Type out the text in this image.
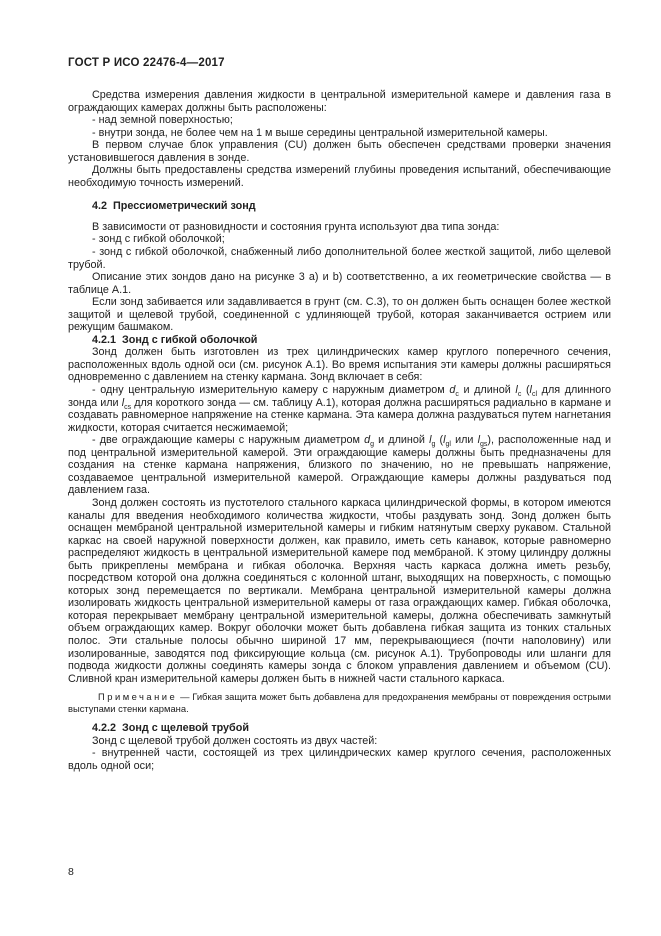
ГОСТ Р ИСО 22476-4—2017
Средства измерения давления жидкости в центральной измерительной камере и давления газа в ограждающих камерах должны быть расположены:
- над земной поверхностью;
- внутри зонда, не более чем на 1 м выше середины центральной измерительной камеры.
В первом случае блок управления (CU) должен быть обеспечен средствами проверки значения установившегося давления в зонде.
Должны быть предоставлены средства измерений глубины проведения испытаний, обеспечивающие необходимую точность измерений.
4.2  Прессиометрический зонд
В зависимости от разновидности и состояния грунта используют два типа зонда:
- зонд с гибкой оболочкой;
- зонд с гибкой оболочкой, снабженный либо дополнительной более жесткой защитой, либо щелевой трубой.
Описание этих зондов дано на рисунке 3 a) и b) соответственно, а их геометрические свойства — в таблице А.1.
Если зонд забивается или задавливается в грунт (см. С.3), то он должен быть оснащен более жесткой защитой и щелевой трубой, соединенной с удлиняющей трубой, которая заканчивается острием или режущим башмаком.
4.2.1  Зонд с гибкой оболочкой
Зонд должен быть изготовлен из трех цилиндрических камер круглого поперечного сечения, расположенных вдоль одной оси (см. рисунок А.1). Во время испытания эти камеры должны расширяться одновременно с давлением на стенку кармана. Зонд включает в себя:
- одну центральную измерительную камеру с наружным диаметром $d_c$ и длиной $l_c$ ($l_{cl}$ для длинного зонда или $l_{cs}$ для короткого зонда — см. таблицу А.1), которая должна расширяться радиально в кармане и создавать равномерное напряжение на стенке кармана. Эта камера должна раздуваться путем нагнетания жидкости, которая считается несжимаемой;
- две ограждающие камеры с наружным диаметром $d_g$ и длиной $l_g$ ($l_{gl}$ или $l_{gs}$), расположенные над и под центральной измерительной камерой. Эти ограждающие камеры должны быть предназначены для создания на стенке кармана напряжения, близкого по значению, но не превышать напряжение, создаваемое центральной измерительной камерой. Ограждающие камеры должны раздуваться под давлением газа.
Зонд должен состоять из пустотелого стального каркаса цилиндрической формы, в котором имеются каналы для введения необходимого количества жидкости, чтобы раздувать зонд. Зонд должен быть оснащен мембраной центральной измерительной камеры и гибким натянутым сверху рукавом. Стальной каркас на своей наружной поверхности должен, как правило, иметь сеть канавок, которые равномерно распределяют жидкость в центральной измерительной камере под мембраной. К этому цилиндру должны быть прикреплены мембрана и гибкая оболочка. Верхняя часть каркаса должна иметь резьбу, посредством которой она должна соединяться с колонной штанг, выходящих на поверхность, с помощью которых зонд перемещается по вертикали. Мембрана центральной измерительной камеры должна изолировать жидкость центральной измерительной камеры от газа ограждающих камер. Гибкая оболочка, которая перекрывает мембрану центральной измерительной камеры, должна обеспечивать замкнутый объем ограждающих камер. Вокруг оболочки может быть добавлена гибкая защита из тонких стальных полос. Эти стальные полосы обычно шириной 17 мм, перекрывающиеся (почти наполовину) или изолированные, заводятся под фиксирующие кольца (см. рисунок А.1). Трубопроводы или шланги для подвода жидкости должны соединять камеры зонда с блоком управления давлением и объемом (CU). Сливной кран измерительной камеры должен быть в нижней части стального каркаса.
Примечание — Гибкая защита может быть добавлена для предохранения мембраны от повреждения острыми выступами стенки кармана.
4.2.2  Зонд с щелевой трубой
Зонд с щелевой трубой должен состоять из двух частей:
- внутренней части, состоящей из трех цилиндрических камер круглого сечения, расположенных вдоль одной оси;
8
